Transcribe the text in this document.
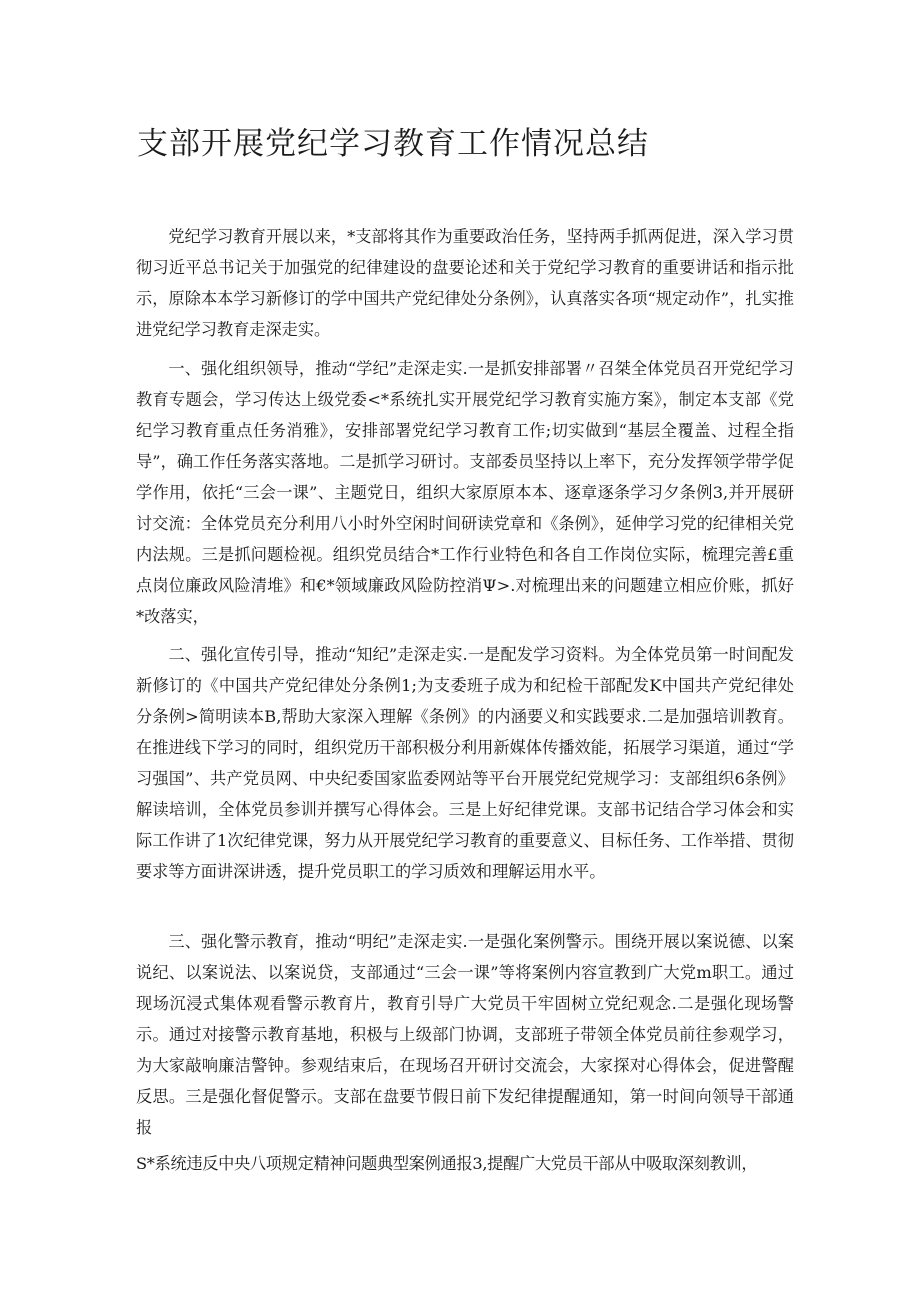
支部开展党纪学习教育工作情况总结

党纪学习教育开展以来，*支部将其作为重要政治任务，坚持两手抓两促进，深入学习贯彻习近平总书记关于加强党的纪律建设的盘要论述和关于党纪学习教育的重要讲话和指示批示，原除本本学习新修订的学中国共产党纪律处分条例》，认真落实各项“规定动作”，扎实推进党纪学习教育走深走实。

一、强化组织领导，推动“学纪”走深走实.一是抓安排部署〃召桀全体党员召开党纪学习教育专题会，学习传达上级党委<*系统扎实开展党纪学习教育实施方案》，制定本支部《党纪学习教育重点任务消雅》，安排部署党纪学习教育工作;切实做到“基层全覆盖、过程全指导”，确工作任务落实落地。二是抓学习研讨。支部委员坚持以上率下，充分发挥领学带学促学作用，依托“三会一课”、主题党日，组织大家原原本本、逐章逐条学习夕条例3,并开展研讨交流：全体党员充分利用八小时外空闲时间研读党章和《条例》，延伸学习党的纪律相关党内法规。三是抓问题检视。组织党员结合*工作行业特色和各自工作岗位实际，梳理完善£重点岗位廉政风险清堆》和€*领域廉政风险防控消Ψ>.对梳理出来的问题建立相应价账，抓好*改落实，

二、强化宣传引导，推动“知纪”走深走实.一是配发学习资料。为全体党员第一时间配发新修订的《中国共产党纪律处分条例1;为支委班子成为和纪检干部配发K中国共产党纪律处分条例>简明读本B,帮助大家深入理解《条例》的内涵要义和实践要求.二是加强培训教育。在推进线下学习的同时，组织党历干部积极分利用新媒体传播效能，拓展学习渠道，通过“学习强国”、共产党员网、中央纪委国家监委网站等平台开展党纪党规学习：支部组织6条例》解读培训，全体党员参训并撰写心得体会。三是上好纪律党课。支部书记结合学习体会和实际工作讲了1次纪律党课，努力从开展党纪学习教育的重要意义、目标任务、工作举措、贯彻要求等方面讲深讲透，提升党员职工的学习质效和理解运用水平。

三、强化警示教育，推动“明纪”走深走实.一是强化案例警示。围绕开展以案说德、以案说纪、以案说法、以案说贷，支部通过“三会一课”等将案例内容宣教到广大党m职工。通过现场沉浸式集体观看警示教育片，教育引导广大党员干牢固树立党纪观念.二是强化现场警示。通过对接警示教育基地，积极与上级部门协调，支部班子带领全体党员前往参观学习，为大家敲响廉洁警钟。参观结束后，在现场召开研讨交流会，大家探对心得体会，促进警醒反思。三是强化督促警示。支部在盘要节假日前下发纪律提醒通知，第一时间向领导干部通报

S*系统违反中央八项规定精神问题典型案例通报3,提醒广大党员干部从中吸取深刻教训，
